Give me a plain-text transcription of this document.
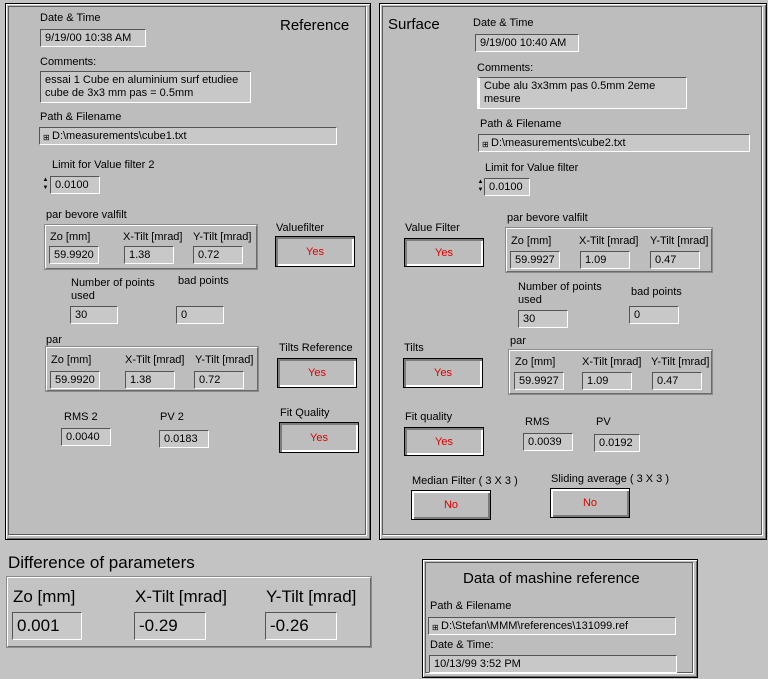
Reference
Date & Time
9/19/00 10:38 AM
Comments:
essai 1 Cube en aluminium surf etudiee
cube de 3x3 mm pas = 0.5mm
Path & Filename
⊞ D:\measurements\cube1.txt
Limit for Value filter 2
▲
▼ 0.0100
par bevore valfilt
Zo [mm]	X-Tilt [mrad] Y-Tilt [mrad]
59.9920	1.38	0.72
Valuefilter
Yes
Number of points
used
30
bad points
0
par
Zo [mm]	X-Tilt [mrad] Y-Tilt [mrad]
59.9920	1.38	0.72
Tilts Reference
Yes
RMS 2
0.0040
PV 2
0.0183
Fit Quality
Yes
Surface	Date & Time
9/19/00 10:40 AM
Comments:
Cube alu 3x3mm pas 0.5mm 2eme mesure
Path & Filename
⊞ D:\measurements\cube2.txt
Limit for Value filter
▲
▼ 0.0100
Value Filter
Yes
par bevore valfilt
Zo [mm]	X-Tilt [mrad] Y-Tilt [mrad]
59.9927	1.09	0.47
Number of points
used
30
bad points
0
Tilts
Yes
par
Zo [mm] X-Tilt [mrad] Y-Tilt [mrad]
59.9927	1.09	0.47
Fit quality
Yes
RMS
0.0039
PV
0.0192
Median Filter ( 3 X 3 )
No
Sliding average ( 3 X 3 )
No
Difference of parameters
Zo [mm]	X-Tilt [mrad] Y-Tilt [mrad]
0.001	-0.29	-0.26
Data of mashine reference
Path & Filename
⊞ D:\Stefan\MMM\references\131099.ref
Date & Time:
10/13/99 3:52 PM
